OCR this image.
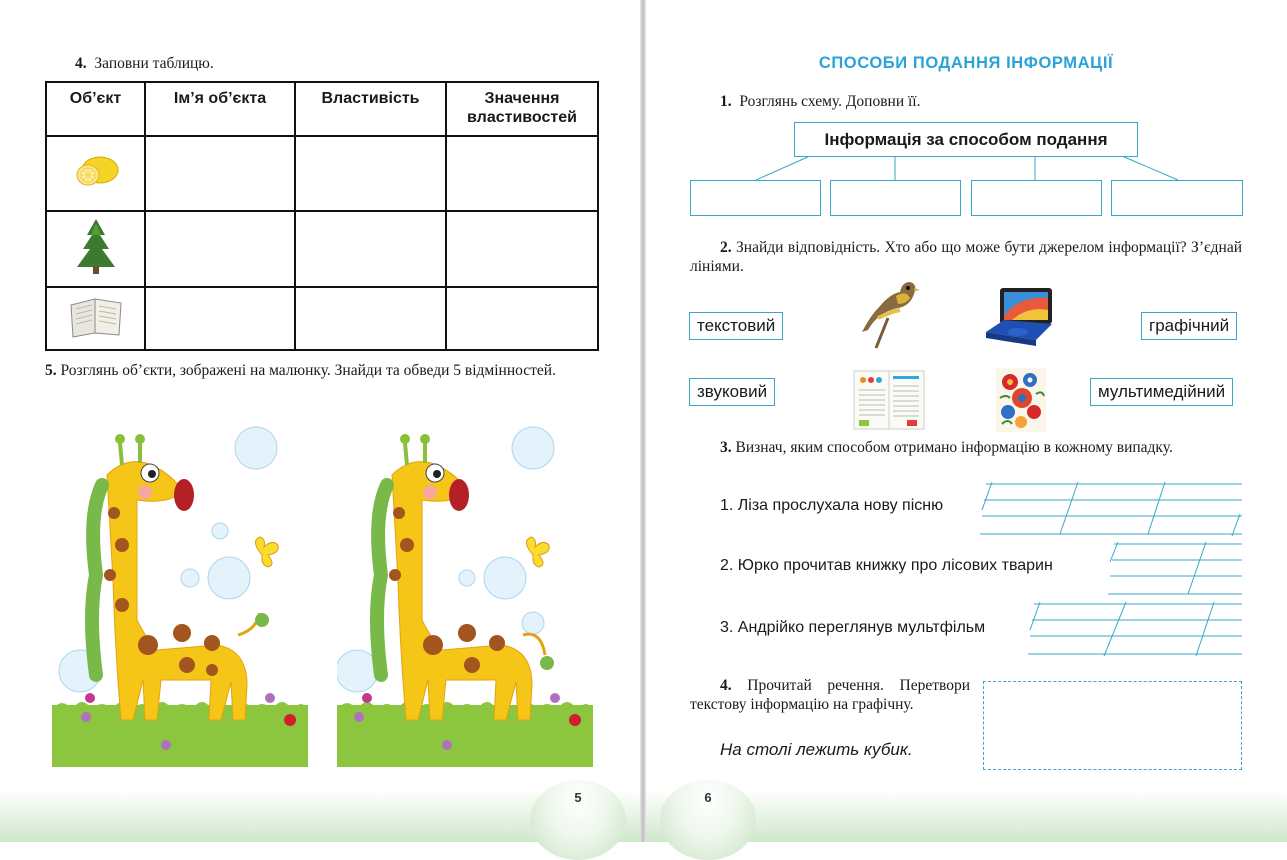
5	6
4. Заповни таблицю.
Об’єкт	Ім’я об’єкта	Властивість	Значення властивостей

5. Розглянь об’єкти, зображені на малюнку. Знайди та обведи 5 відмінностей.
СПОСОБИ ПОДАННЯ ІНФОРМАЦІЇ
1. Розглянь схему. Доповни її.
Інформація за способом подання
2. Знайди відповідність. Хто або що може бути джерелом інформації? З’єднай лініями.
текстовий	графічний
звуковий	мультимедійний
3. Визнач, яким способом отримано інформацію в кожному випадку.
1. Ліза прослухала нову пісню
2. Юрко прочитав книжку про лісових тварин
3. Андрійко переглянув мультфільм
4. Прочитай речення. Перетвори текстову інформацію на графічну.
На столі лежить кубик.
